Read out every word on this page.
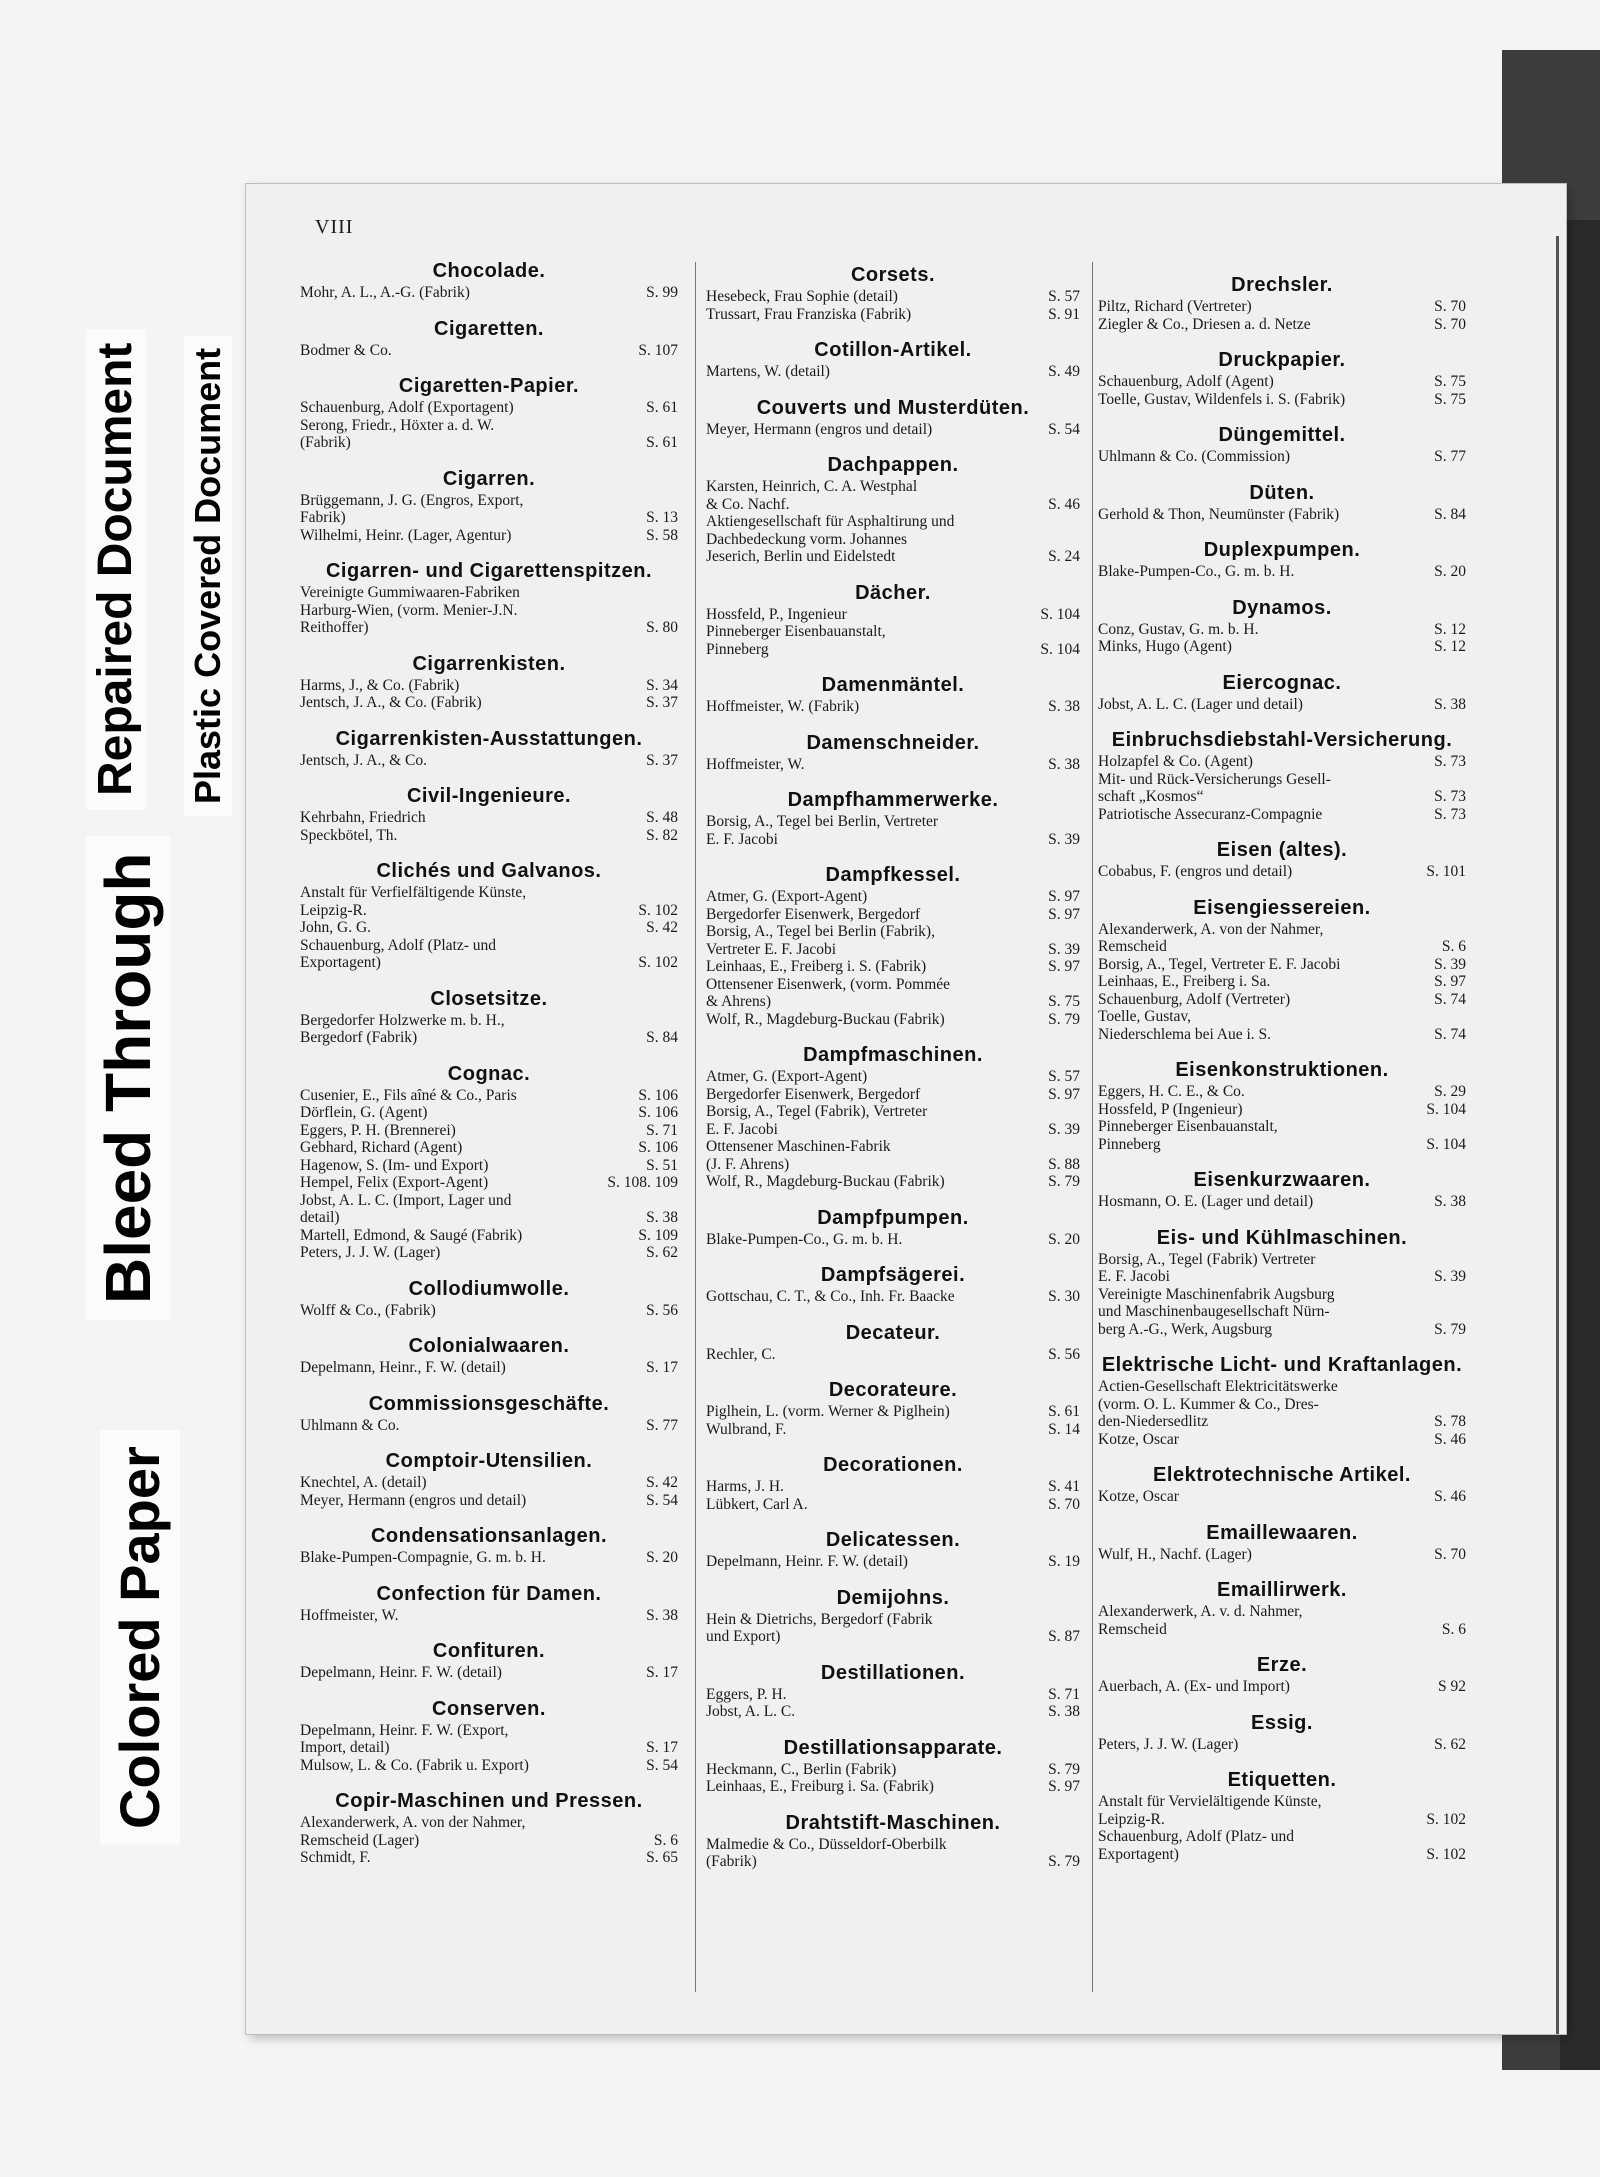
VIII
Chocolade.
Mohr, A. L., A.-G. (Fabrik)	S. 99
Cigaretten.
Bodmer & Co.	S. 107
Cigaretten-Papier.
Schauenburg, Adolf (Exportagent)	S. 61
Serong, Friedr., Höxter a. d. W.
(Fabrik)	S. 61
Cigarren.
Brüggemann, J. G. (Engros, Export,
Fabrik)	S. 13
Wilhelmi, Heinr. (Lager, Agentur)	S. 58
Cigarren- und Cigarettenspitzen.
Vereinigte Gummiwaaren-Fabriken
Harburg-Wien, (vorm. Menier-J.N.
Reithoffer)	S. 80
Cigarrenkisten.
Harms, J., & Co. (Fabrik)	S. 34
Jentsch, J. A., & Co. (Fabrik)	S. 37
Cigarrenkisten-Ausstattungen.
Jentsch, J. A., & Co.	S. 37
Civil-Ingenieure.
Kehrbahn, Friedrich	S. 48
Speckbötel, Th.	S. 82
Clichés und Galvanos.
Anstalt für Verfielfältigende Künste,
Leipzig-R.	S. 102
John, G. G.	S. 42
Schauenburg, Adolf (Platz- und
Exportagent)	S. 102
Closetsitze.
Bergedorfer Holzwerke m. b. H.,
Bergedorf (Fabrik)	S. 84
Cognac.
Cusenier, E., Fils aîné & Co., Paris	S. 106
Dörflein, G. (Agent)	S. 106
Eggers, P. H. (Brennerei)	S. 71
Gebhard, Richard (Agent)	S. 106
Hagenow, S. (Im- und Export)	S. 51
Hempel, Felix (Export-Agent)	S. 108. 109
Jobst, A. L. C. (Import, Lager und
detail)	S. 38
Martell, Edmond, & Saugé (Fabrik)	S. 109
Peters, J. J. W. (Lager)	S. 62
Collodiumwolle.
Wolff & Co., (Fabrik)	S. 56
Colonialwaaren.
Depelmann, Heinr., F. W. (detail)	S. 17
Commissionsgeschäfte.
Uhlmann & Co.	S. 77
Comptoir-Utensilien.
Knechtel, A. (detail)	S. 42
Meyer, Hermann (engros und detail)	S. 54
Condensationsanlagen.
Blake-Pumpen-Compagnie, G. m. b. H.	S. 20
Confection für Damen.
Hoffmeister, W.	S. 38
Confituren.
Depelmann, Heinr. F. W. (detail)	S. 17
Conserven.
Depelmann, Heinr. F. W. (Export,
Import, detail)	S. 17
Mulsow, L. & Co. (Fabrik u. Export)	S. 54
Copir-Maschinen und Pressen.
Alexanderwerk, A. von der Nahmer,
Remscheid (Lager)	S. 6
Schmidt, F.	S. 65
Corsets.
Hesebeck, Frau Sophie (detail)	S. 57
Trussart, Frau Franziska (Fabrik)	S. 91
Cotillon-Artikel.
Martens, W. (detail)	S. 49
Couverts und Musterdüten.
Meyer, Hermann (engros und detail)	S. 54
Dachpappen.
Karsten, Heinrich, C. A. Westphal
& Co. Nachf.	S. 46
Aktiengesellschaft für Asphaltirung und
Dachbedeckung vorm. Johannes
Jeserich, Berlin und Eidelstedt	S. 24
Dächer.
Hossfeld, P., Ingenieur	S. 104
Pinneberger Eisenbauanstalt,
Pinneberg	S. 104
Damenmäntel.
Hoffmeister, W. (Fabrik)	S. 38
Damenschneider.
Hoffmeister, W.	S. 38
Dampfhammerwerke.
Borsig, A., Tegel bei Berlin, Vertreter
E. F. Jacobi	S. 39
Dampfkessel.
Atmer, G. (Export-Agent)	S. 97
Bergedorfer Eisenwerk, Bergedorf	S. 97
Borsig, A., Tegel bei Berlin (Fabrik),
Vertreter E. F. Jacobi	S. 39
Leinhaas, E., Freiberg i. S. (Fabrik)	S. 97
Ottensener Eisenwerk, (vorm. Pommée
& Ahrens)	S. 75
Wolf, R., Magdeburg-Buckau (Fabrik)	S. 79
Dampfmaschinen.
Atmer, G. (Export-Agent)	S. 57
Bergedorfer Eisenwerk, Bergedorf	S. 97
Borsig, A., Tegel (Fabrik), Vertreter
E. F. Jacobi	S. 39
Ottensener Maschinen-Fabrik
(J. F. Ahrens)	S. 88
Wolf, R., Magdeburg-Buckau (Fabrik)	S. 79
Dampfpumpen.
Blake-Pumpen-Co., G. m. b. H.	S. 20
Dampfsägerei.
Gottschau, C. T., & Co., Inh. Fr. Baacke	S. 30
Decateur.
Rechler, C.	S. 56
Decorateure.
Piglhein, L. (vorm. Werner & Piglhein)	S. 61
Wulbrand, F.	S. 14
Decorationen.
Harms, J. H.	S. 41
Lübkert, Carl A.	S. 70
Delicatessen.
Depelmann, Heinr. F. W. (detail)	S. 19
Demijohns.
Hein & Dietrichs, Bergedorf (Fabrik
und Export)	S. 87
Destillationen.
Eggers, P. H.	S. 71
Jobst, A. L. C.	S. 38
Destillationsapparate.
Heckmann, C., Berlin (Fabrik)	S. 79
Leinhaas, E., Freiburg i. Sa. (Fabrik)	S. 97
Drahtstift-Maschinen.
Malmedie & Co., Düsseldorf-Oberbilk
(Fabrik)	S. 79
Drechsler.
Piltz, Richard (Vertreter)	S. 70
Ziegler & Co., Driesen a. d. Netze	S. 70
Druckpapier.
Schauenburg, Adolf (Agent)	S. 75
Toelle, Gustav, Wildenfels i. S. (Fabrik)	S. 75
Düngemittel.
Uhlmann & Co. (Commission)	S. 77
Düten.
Gerhold & Thon, Neumünster (Fabrik)	S. 84
Duplexpumpen.
Blake-Pumpen-Co., G. m. b. H.	S. 20
Dynamos.
Conz, Gustav, G. m. b. H.	S. 12
Minks, Hugo (Agent)	S. 12
Eiercognac.
Jobst, A. L. C. (Lager und detail)	S. 38
Einbruchsdiebstahl-Versicherung.
Holzapfel & Co. (Agent)	S. 73
Mit- und Rück-Versicherungs Gesell-
schaft „Kosmos“	S. 73
Patriotische Assecuranz-Compagnie	S. 73
Eisen (altes).
Cobabus, F. (engros und detail)	S. 101
Eisengiessereien.
Alexanderwerk, A. von der Nahmer,
Remscheid	S. 6
Borsig, A., Tegel, Vertreter E. F. Jacobi	S. 39
Leinhaas, E., Freiberg i. Sa.	S. 97
Schauenburg, Adolf (Vertreter)	S. 74
Toelle, Gustav,
Niederschlema bei Aue i. S.	S. 74
Eisenkonstruktionen.
Eggers, H. C. E., & Co.	S. 29
Hossfeld, P (Ingenieur)	S. 104
Pinneberger Eisenbauanstalt,
Pinneberg	S. 104
Eisenkurzwaaren.
Hosmann, O. E. (Lager und detail)	S. 38
Eis- und Kühlmaschinen.
Borsig, A., Tegel (Fabrik) Vertreter
E. F. Jacobi	S. 39
Vereinigte Maschinenfabrik Augsburg
und Maschinenbaugesellschaft Nürn-
berg A.-G., Werk, Augsburg	S. 79
Elektrische Licht- und Kraftanlagen.
Actien-Gesellschaft Elektricitätswerke
(vorm. O. L. Kummer & Co., Dres-
den-Niedersedlitz	S. 78
Kotze, Oscar	S. 46
Elektrotechnische Artikel.
Kotze, Oscar	S. 46
Emaillewaaren.
Wulf, H., Nachf. (Lager)	S. 70
Emaillirwerk.
Alexanderwerk, A. v. d. Nahmer,
Remscheid	S. 6
Erze.
Auerbach, A. (Ex- und Import)	S 92
Essig.
Peters, J. J. W. (Lager)	S. 62
Etiquetten.
Anstalt für Vervielältigende Künste,
Leipzig-R.	S. 102
Schauenburg, Adolf (Platz- und
Exportagent)	S. 102
Repaired Document Plastic Covered Document
Bleed Through
Colored Paper
